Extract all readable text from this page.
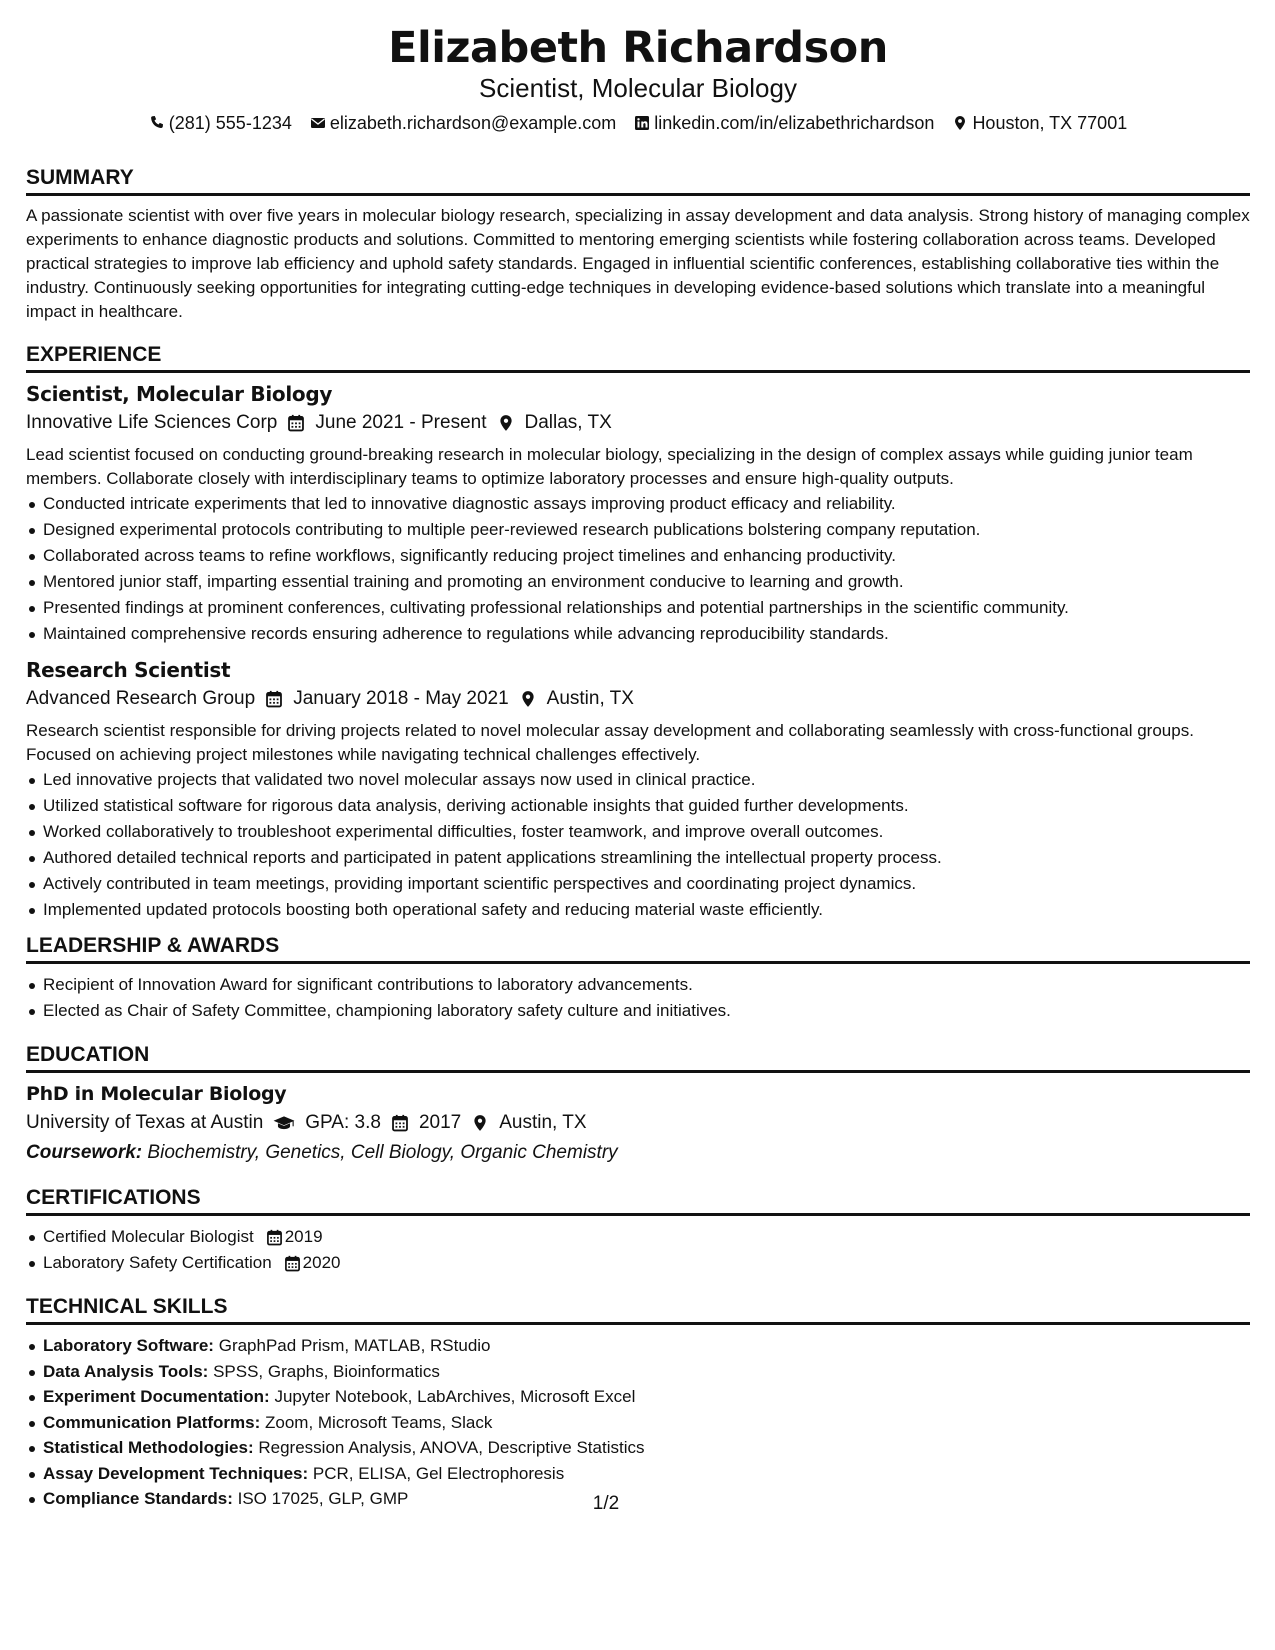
Elizabeth Richardson
Scientist, Molecular Biology
(281) 555-1234 elizabeth.richardson@example.com linkedin.com/in/elizabethrichardson Houston, TX 77001
SUMMARY

A passionate scientist with over five years in molecular biology research, specializing in assay development and data analysis. Strong history of managing complex experiments to enhance diagnostic products and solutions. Committed to mentoring emerging scientists while fostering collaboration across teams. Developed practical strategies to improve lab efficiency and uphold safety standards. Engaged in influential scientific conferences, establishing collaborative ties within the industry. Continuously seeking opportunities for integrating cutting-edge techniques in developing evidence-based solutions which translate into a meaningful impact in healthcare.

EXPERIENCE
Scientist, Molecular Biology
Innovative Life Sciences Corp June 2021 - Present Dallas, TX

Lead scientist focused on conducting ground-breaking research in molecular biology, specializing in the design of complex assays while guiding junior team members. Collaborate closely with interdisciplinary teams to optimize laboratory processes and ensure high-quality outputs.

Conducted intricate experiments that led to innovative diagnostic assays improving product efficacy and reliability.
Designed experimental protocols contributing to multiple peer-reviewed research publications bolstering company reputation.
Collaborated across teams to refine workflows, significantly reducing project timelines and enhancing productivity.
Mentored junior staff, imparting essential training and promoting an environment conducive to learning and growth.
Presented findings at prominent conferences, cultivating professional relationships and potential partnerships in the scientific community.
Maintained comprehensive records ensuring adherence to regulations while advancing reproducibility standards.
Research Scientist
Advanced Research Group January 2018 - May 2021 Austin, TX

Research scientist responsible for driving projects related to novel molecular assay development and collaborating seamlessly with cross-functional groups. Focused on achieving project milestones while navigating technical challenges effectively.

Led innovative projects that validated two novel molecular assays now used in clinical practice.
Utilized statistical software for rigorous data analysis, deriving actionable insights that guided further developments.
Worked collaboratively to troubleshoot experimental difficulties, foster teamwork, and improve overall outcomes.
Authored detailed technical reports and participated in patent applications streamlining the intellectual property process.
Actively contributed in team meetings, providing important scientific perspectives and coordinating project dynamics.
Implemented updated protocols boosting both operational safety and reducing material waste efficiently.
LEADERSHIP & AWARDS
Recipient of Innovation Award for significant contributions to laboratory advancements.
Elected as Chair of Safety Committee, championing laboratory safety culture and initiatives.
EDUCATION
PhD in Molecular Biology
University of Texas at Austin GPA: 3.8 2017 Austin, TX
Coursework: Biochemistry, Genetics, Cell Biology, Organic Chemistry
CERTIFICATIONS
Certified Molecular Biologist 2019
Laboratory Safety Certification 2020
TECHNICAL SKILLS
Laboratory Software: GraphPad Prism, MATLAB, RStudio
Data Analysis Tools: SPSS, Graphs, Bioinformatics
Experiment Documentation: Jupyter Notebook, LabArchives, Microsoft Excel
Communication Platforms: Zoom, Microsoft Teams, Slack
Statistical Methodologies: Regression Analysis, ANOVA, Descriptive Statistics
Assay Development Techniques: PCR, ELISA, Gel Electrophoresis
Compliance Standards: ISO 17025, GLP, GMP	1/2
